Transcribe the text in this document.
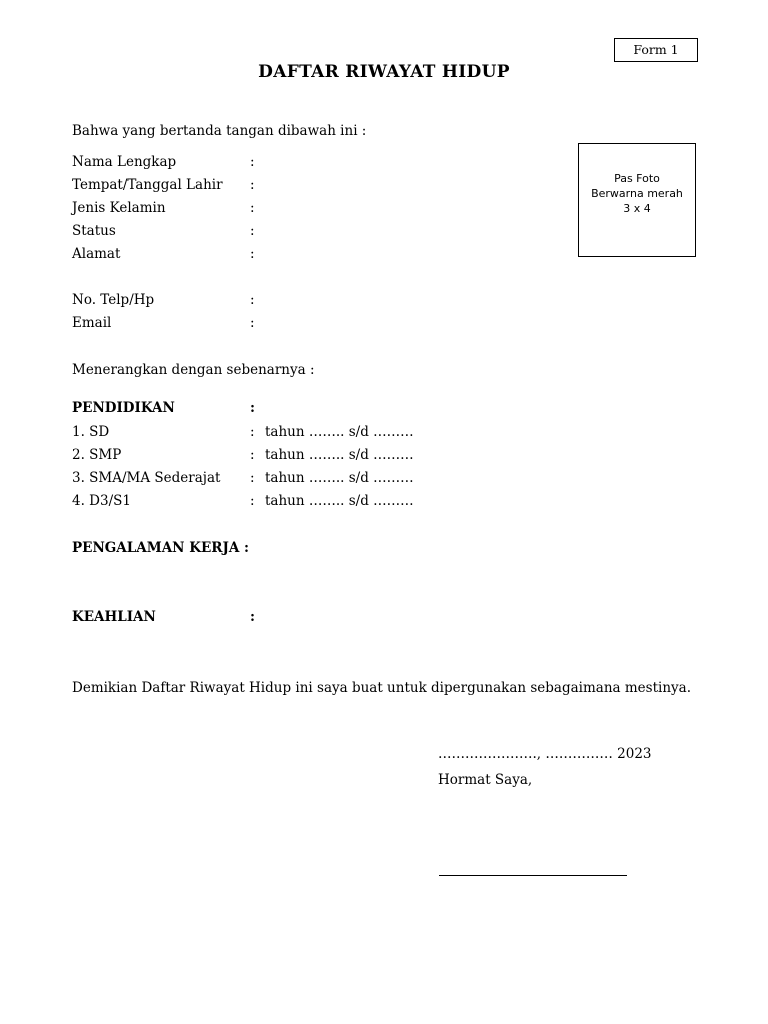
Form 1
DAFTAR RIWAYAT HIDUP
Bahwa yang bertanda tangan dibawah ini :
Pas Foto
Berwarna merah
3 x 4
Nama Lengkap	:
Tempat/Tanggal Lahir :
Jenis Kelamin	:
Status	:
Alamat	:
No. Telp/Hp	:
Email	:
Menerangkan dengan sebenarnya :
PENDIDIKAN	:
1. SD	: tahun …….. s/d ………
2. SMP	: tahun …….. s/d ………
3. SMA/MA Sederajat : tahun …….. s/d ………
4. D3/S1	: tahun …….. s/d ………
PENGALAMAN KERJA :
KEAHLIAN	:
Demikian Daftar Riwayat Hidup ini saya buat untuk dipergunakan sebagaimana mestinya.
…………………., …………… 2023
Hormat Saya,
